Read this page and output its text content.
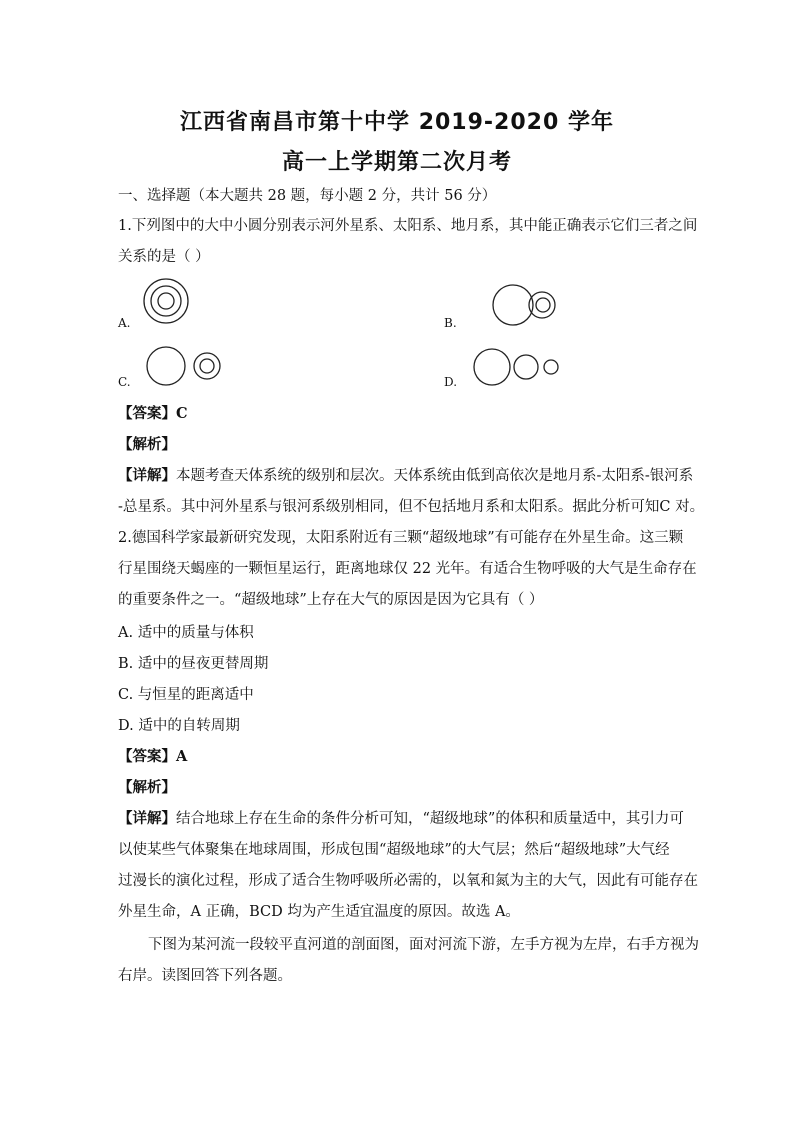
江西省南昌市第十中学 2019-2020 学年
高一上学期第二次月考
一、选择题（本大题共 28 题，每小题 2 分，共计 56 分）
1.下列图中的大中小圆分别表示河外星系、太阳系、地月系，其中能正确表示它们三者之间
关系的是（ ）
A.	B.
C.	D.
【答案】C
【解析】
【详解】本题考查天体系统的级别和层次。天体系统由低到高依次是地月系-太阳系-银河系
-总星系。其中河外星系与银河系级别相同，但不包括地月系和太阳系。据此分析可知C 对。
2.德国科学家最新研究发现，太阳系附近有三颗“超级地球”有可能存在外星生命。这三颗
行星围绕天蝎座的一颗恒星运行，距离地球仅 22 光年。有适合生物呼吸的大气是生命存在
的重要条件之一。“超级地球”上存在大气的原因是因为它具有（ ）
A. 适中的质量与体积
B. 适中的昼夜更替周期
C. 与恒星的距离适中
D. 适中的自转周期
【答案】A
【解析】
【详解】结合地球上存在生命的条件分析可知，“超级地球”的体积和质量适中，其引力可
以使某些气体聚集在地球周围，形成包围“超级地球”的大气层；然后“超级地球”大气经
过漫长的演化过程，形成了适合生物呼吸所必需的，以氧和氮为主的大气，因此有可能存在
外星生命，A 正确，BCD 均为产生适宜温度的原因。故选 A。
下图为某河流一段较平直河道的剖面图，面对河流下游，左手方视为左岸，右手方视为
右岸。读图回答下列各题。
